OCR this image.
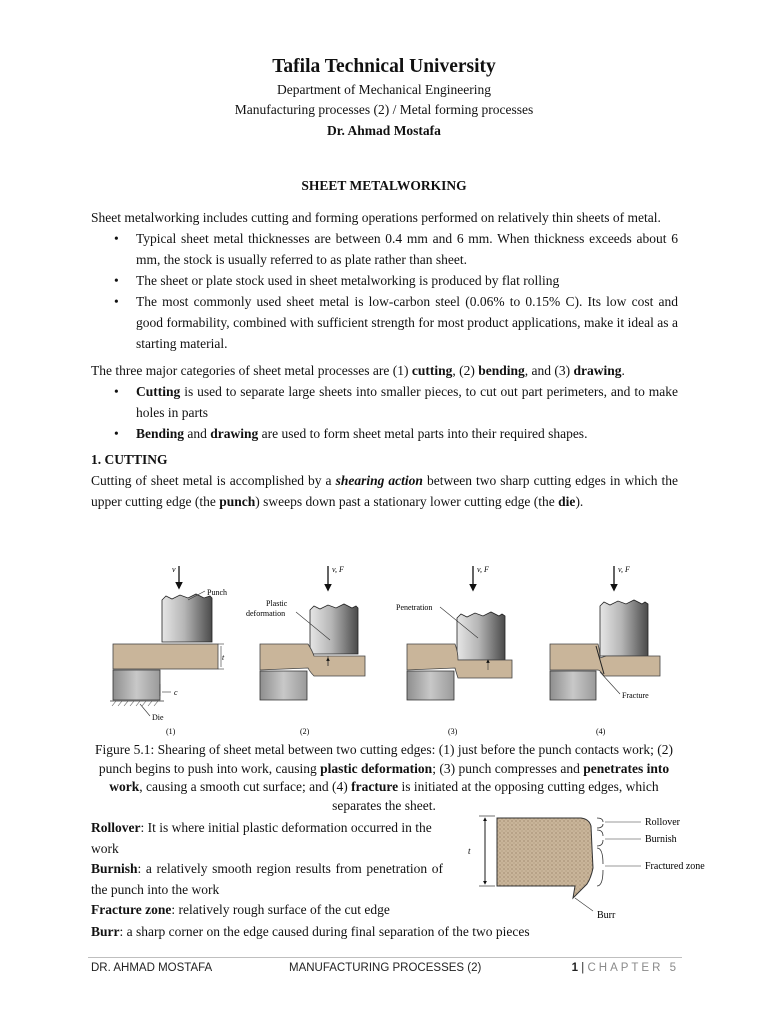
Tafila Technical University
Department of Mechanical Engineering
Manufacturing processes (2) / Metal forming processes
Dr. Ahmad Mostafa
SHEET METALWORKING

Sheet metalworking includes cutting and forming operations performed on relatively thin sheets of metal.

• Typical sheet metal thicknesses are between 0.4 mm and 6 mm. When thickness exceeds about 6 mm, the stock is usually referred to as plate rather than sheet.
• The sheet or plate stock used in sheet metalworking is produced by flat rolling
• The most commonly used sheet metal is low-carbon steel (0.06% to 0.15% C). Its low cost and good formability, combined with sufficient strength for most product applications, make it ideal as a starting material.

The three major categories of sheet metal processes are (1) cutting, (2) bending, and (3) drawing.

• Cutting is used to separate large sheets into smaller pieces, to cut out part perimeters, and to make holes in parts
• Bending and drawing are used to form sheet metal parts into their required shapes.

1. CUTTING

Cutting of sheet metal is accomplished by a shearing action between two sharp cutting edges in which the upper cutting edge (the punch) sweeps down past a stationary lower cutting edge (the die).

v
Punch
Die
t
c
(1)
v, F
Plastic
deformation
(2)
v, F
Penetration
(3)
v, F
Fracture
(4)
Figure 5.1: Shearing of sheet metal between two cutting edges: (1) just before the punch contacts work; (2) punch begins to push into work, causing plastic deformation; (3) punch compresses and penetrates into work, causing a smooth cut surface; and (4) fracture is initiated at the opposing cutting edges, which separates the sheet.

Rollover: It is where initial plastic deformation occurred in the work

Burnish: a relatively smooth region results from penetration of the punch into the work

Fracture zone: relatively rough surface of the cut edge

Burr: a sharp corner on the edge caused during final separation of the two pieces
t
Rollover
Burnish
Fractured zone
Burr
DR. AHMAD MOSTAFA	MANUFACTURING PROCESSES (2)	1 | CHAPTER 5
